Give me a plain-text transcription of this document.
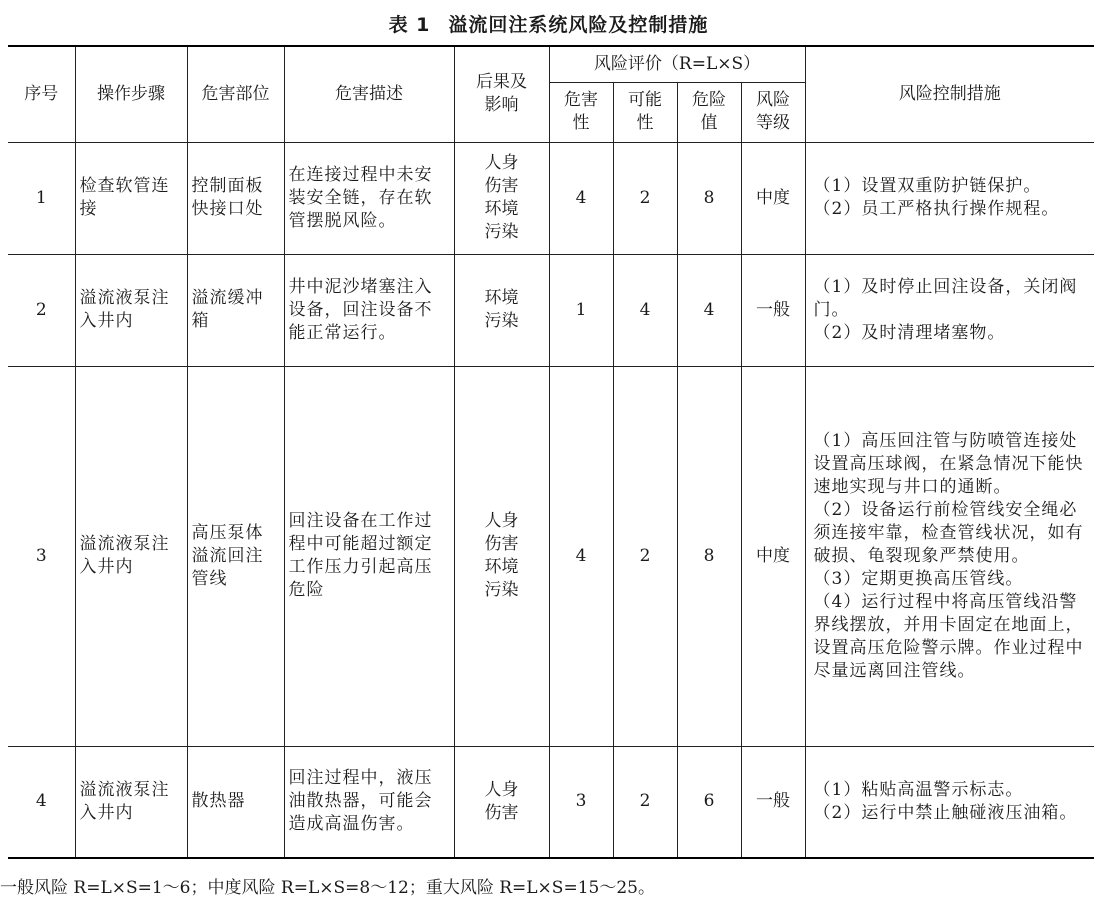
表 1 溢流回注系统风险及控制措施
序号	操作步骤	危害部位	危害描述	后果及影响	风险评价（R=L×S）				风险控制措施
					危害性	可能性	危险值	风险等级	
1	检查软管连接	控制面板快接口处	在连接过程中未安装安全链，存在软管摆脱风险。	人身伤害环境污染	4	2	8	中度	（1）设置双重防护链保护。
（2）员工严格执行操作规程。

2	溢流液泵注入井内	溢流缓冲箱	井中泥沙堵塞注入设备，回注设备不能正常运行。	环境污染	1	4	4	一般	（1）及时停止回注设备，关闭阀门。
（2）及时清理堵塞物。

3	溢流液泵注入井内	高压泵体溢流回注管线	回注设备在工作过程中可能超过额定工作压力引起高压危险	人身伤害环境污染	4	2	8	中度	（1）高压回注管与防喷管连接处设置高压球阀，在紧急情况下能快速地实现与井口的通断。
（2）设备运行前检管线安全绳必须连接牢靠，检查管线状况，如有破损、龟裂现象严禁使用。
（3）定期更换高压管线。
（4）运行过程中将高压管线沿警界线摆放，并用卡固定在地面上，设置高压危险警示牌。作业过程中尽量远离回注管线。

4	溢流液泵注入井内	散热器	回注过程中，液压油散热器，可能会造成高温伤害。	人身伤害	3	2	6	一般	（1）粘贴高温警示标志。
（2）运行中禁止触碰液压油箱。
一般风险 R=L×S=1～6；中度风险 R=L×S=8～12；重大风险 R=L×S=15～25。
